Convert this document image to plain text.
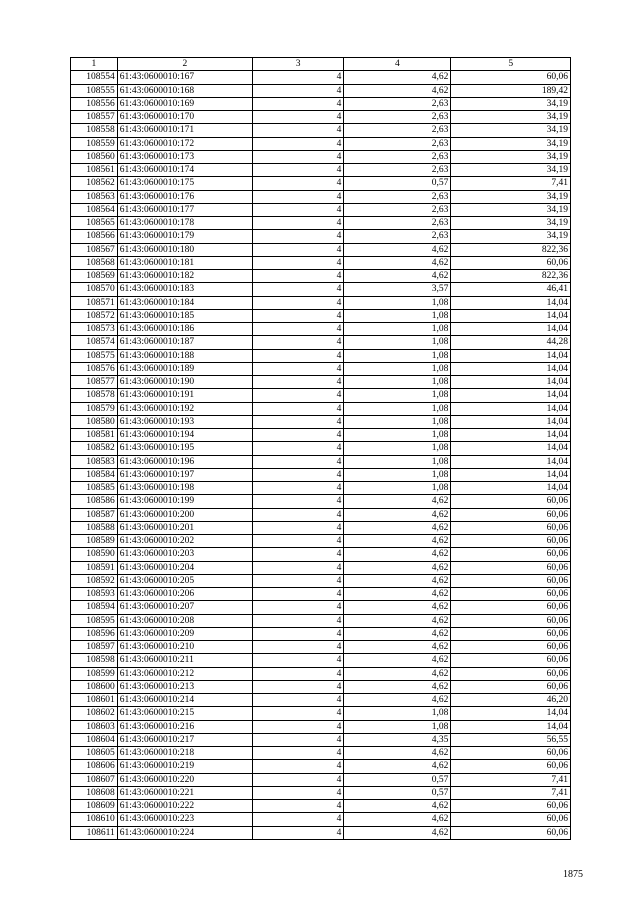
1	2	3	4	5
108554	61:43:0600010:167	4	4,62	60,06
108555	61:43:0600010:168	4	4,62	189,42
108556	61:43:0600010:169	4	2,63	34,19
108557	61:43:0600010:170	4	2,63	34,19
108558	61:43:0600010:171	4	2,63	34,19
108559	61:43:0600010:172	4	2,63	34,19
108560	61:43:0600010:173	4	2,63	34,19
108561	61:43:0600010:174	4	2,63	34,19
108562	61:43:0600010:175	4	0,57	7,41
108563	61:43:0600010:176	4	2,63	34,19
108564	61:43:0600010:177	4	2,63	34,19
108565	61:43:0600010:178	4	2,63	34,19
108566	61:43:0600010:179	4	2,63	34,19
108567	61:43:0600010:180	4	4,62	822,36
108568	61:43:0600010:181	4	4,62	60,06
108569	61:43:0600010:182	4	4,62	822,36
108570	61:43:0600010:183	4	3,57	46,41
108571	61:43:0600010:184	4	1,08	14,04
108572	61:43:0600010:185	4	1,08	14,04
108573	61:43:0600010:186	4	1,08	14,04
108574	61:43:0600010:187	4	1,08	44,28
108575	61:43:0600010:188	4	1,08	14,04
108576	61:43:0600010:189	4	1,08	14,04
108577	61:43:0600010:190	4	1,08	14,04
108578	61:43:0600010:191	4	1,08	14,04
108579	61:43:0600010:192	4	1,08	14,04
108580	61:43:0600010:193	4	1,08	14,04
108581	61:43:0600010:194	4	1,08	14,04
108582	61:43:0600010:195	4	1,08	14,04
108583	61:43:0600010:196	4	1,08	14,04
108584	61:43:0600010:197	4	1,08	14,04
108585	61:43:0600010:198	4	1,08	14,04
108586	61:43:0600010:199	4	4,62	60,06
108587	61:43:0600010:200	4	4,62	60,06
108588	61:43:0600010:201	4	4,62	60,06
108589	61:43:0600010:202	4	4,62	60,06
108590	61:43:0600010:203	4	4,62	60,06
108591	61:43:0600010:204	4	4,62	60,06
108592	61:43:0600010:205	4	4,62	60,06
108593	61:43:0600010:206	4	4,62	60,06
108594	61:43:0600010:207	4	4,62	60,06
108595	61:43:0600010:208	4	4,62	60,06
108596	61:43:0600010:209	4	4,62	60,06
108597	61:43:0600010:210	4	4,62	60,06
108598	61:43:0600010:211	4	4,62	60,06
108599	61:43:0600010:212	4	4,62	60,06
108600	61:43:0600010:213	4	4,62	60,06
108601	61:43:0600010:214	4	4,62	46,20
108602	61:43:0600010:215	4	1,08	14,04
108603	61:43:0600010:216	4	1,08	14,04
108604	61:43:0600010:217	4	4,35	56,55
108605	61:43:0600010:218	4	4,62	60,06
108606	61:43:0600010:219	4	4,62	60,06
108607	61:43:0600010:220	4	0,57	7,41
108608	61:43:0600010:221	4	0,57	7,41
108609	61:43:0600010:222	4	4,62	60,06
108610	61:43:0600010:223	4	4,62	60,06
108611	61:43:0600010:224	4	4,62	60,06
1875
